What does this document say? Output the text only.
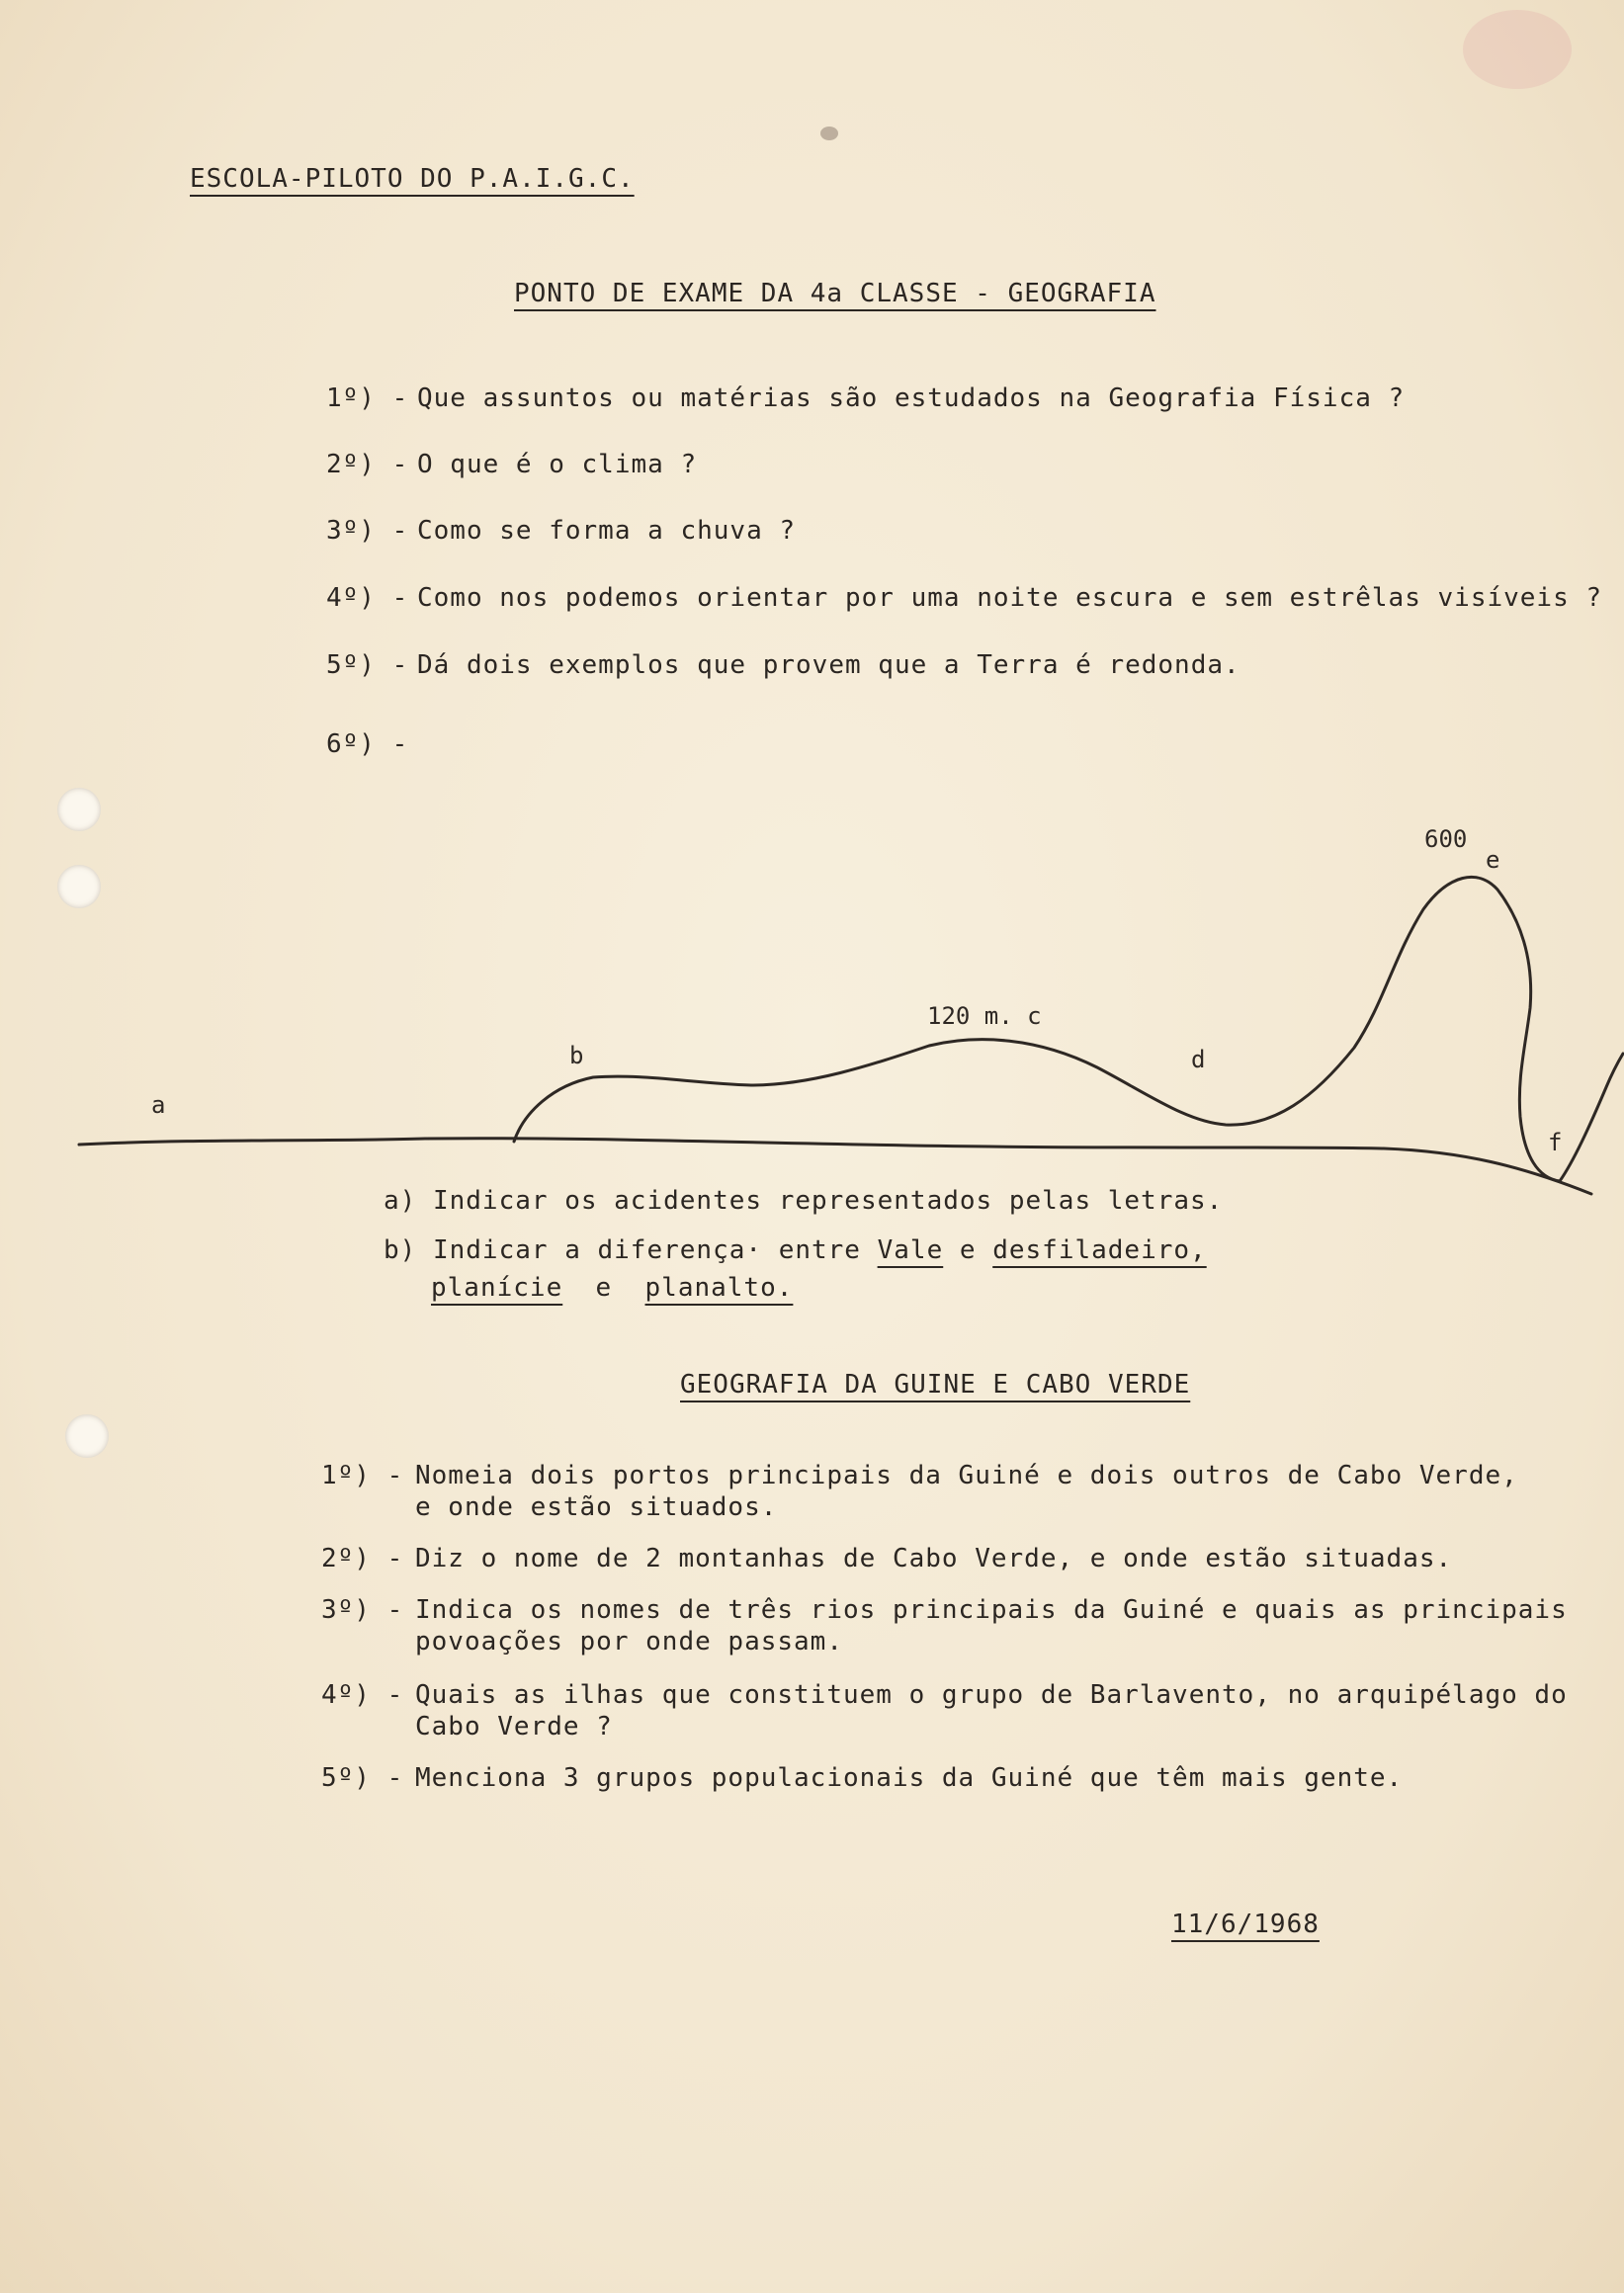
ESCOLA-PILOTO DO P.A.I.G.C.
PONTO DE EXAME DA 4a CLASSE - GEOGRAFIA
1º) - Que assuntos ou matérias são estudados na Geografia Física ?
2º) - O que é o clima ?
3º) - Como se forma a chuva ?
4º) - Como nos podemos orientar por uma noite escura e sem estrêlas visíveis ?
5º) - Dá dois exemplos que provem que a Terra é redonda.
6º) -
a
b
120 m. c
d
600
e
f
a) Indicar os acidentes representados pelas letras.
b) Indicar a diferença· entre Vale e desfiladeiro,
planície  e  planalto.
GEOGRAFIA DA GUINE E CABO VERDE
1º) - Nomeia dois portos principais da Guiné e dois outros de Cabo Verde,
e onde estão situados.
2º) - Diz o nome de 2 montanhas de Cabo Verde, e onde estão situadas.
3º) - Indica os nomes de três rios principais da Guiné e quais as principais
povoações por onde passam.
4º) - Quais as ilhas que constituem o grupo de Barlavento, no arquipélago do
Cabo Verde ?
5º) - Menciona 3 grupos populacionais da Guiné que têm mais gente.
11/6/1968
